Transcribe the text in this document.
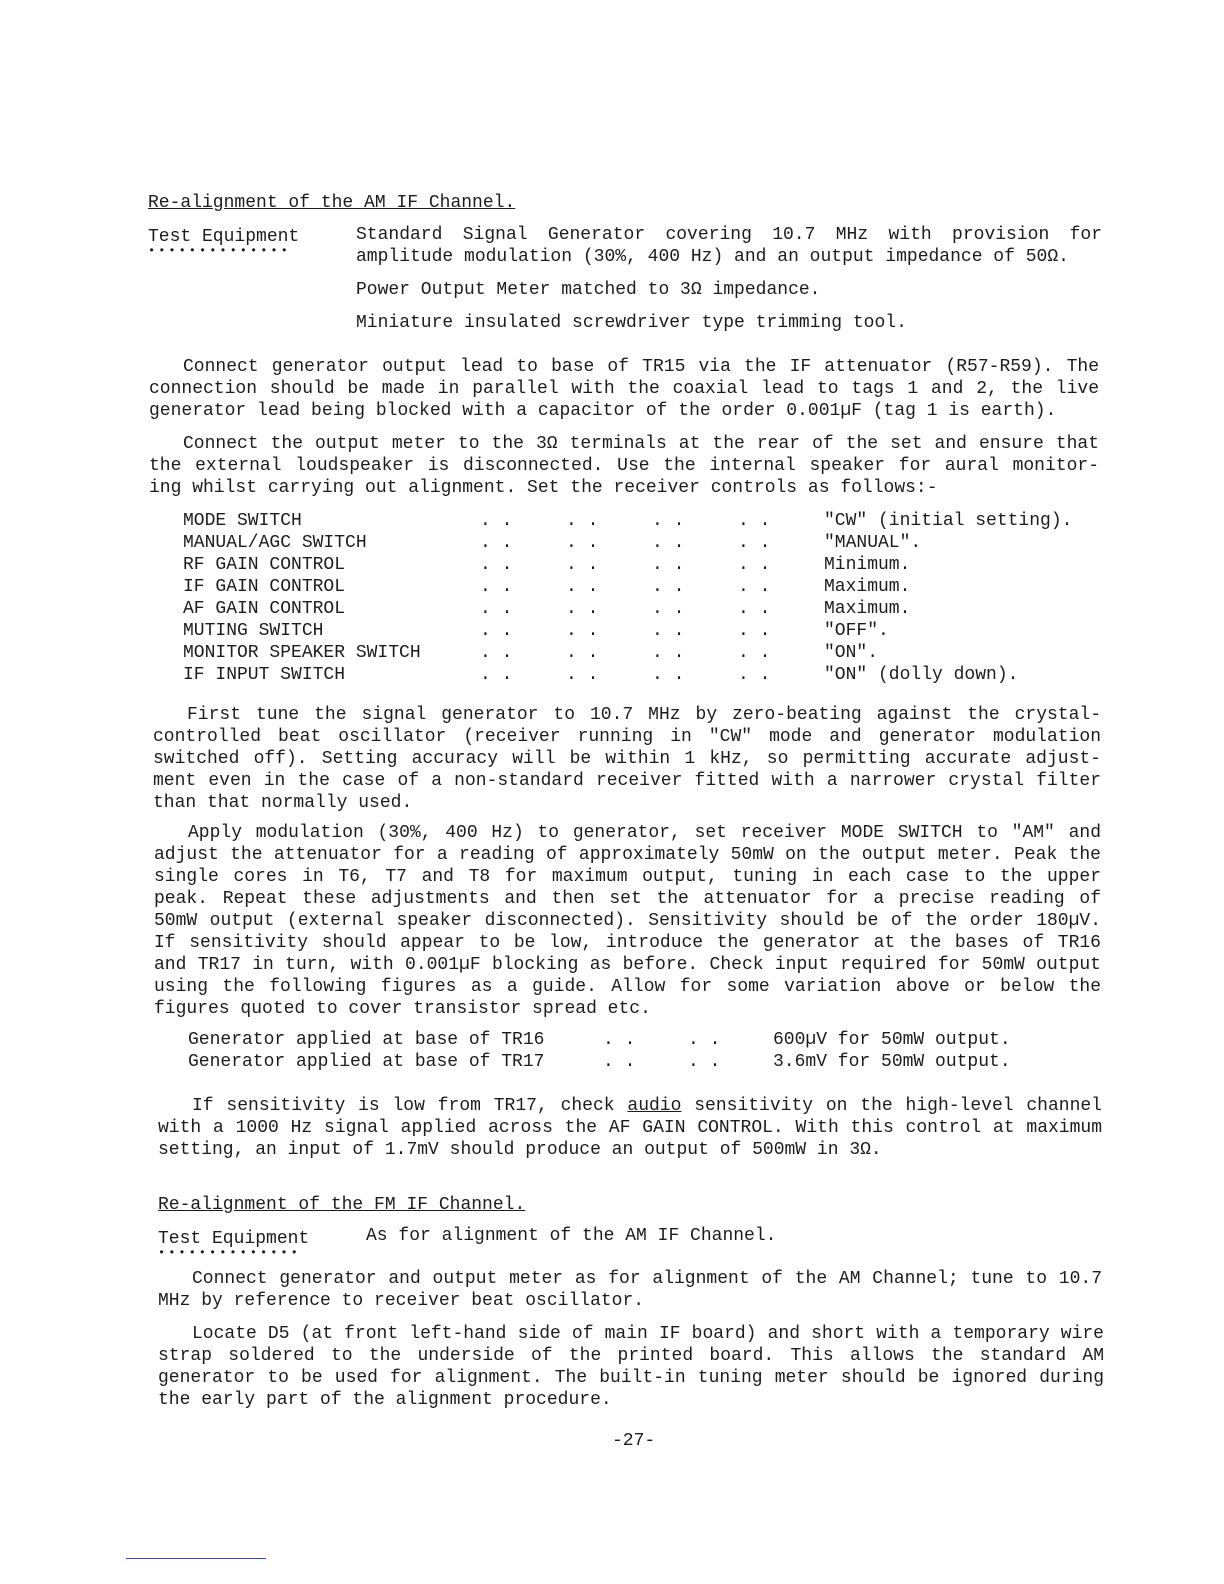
Re-alignment of the AM IF Channel.
Test Equipment
••••••••••••••

Standard Signal Generator covering 10.7 MHz with provision for amplitude modulation (30%, 400 Hz) and an output impedance of 50Ω.

Power Output Meter matched to 3Ω impedance.

Miniature insulated screwdriver type trimming tool.

Connect generator output lead to base of TR15 via the IF attenuator (R57-R59). The connection should be made in parallel with the coaxial lead to tags 1 and 2, the live generator lead being blocked with a capacitor of the order 0.001µF (tag 1 is earth).

Connect the output meter to the 3Ω terminals at the rear of the set and ensure that the external loudspeaker is disconnected. Use the internal speaker for aural monitor-ing whilst carrying out alignment. Set the receiver controls as follows:-

MODE SWITCH	. .	. .	. .	. .	"CW" (initial setting).
MANUAL/AGC SWITCH	. .	. .	. .	. .	"MANUAL".
RF GAIN CONTROL	. .	. .	. .	. .	Minimum.
IF GAIN CONTROL	. .	. .	. .	. .	Maximum.
AF GAIN CONTROL	. .	. .	. .	. .	Maximum.
MUTING SWITCH	. .	. .	. .	. .	"OFF".
MONITOR SPEAKER SWITCH	. .	. .	. .	. .	"ON".
IF INPUT SWITCH	. .	. .	. .	. .	"ON" (dolly down).

First tune the signal generator to 10.7 MHz by zero-beating against the crystal-controlled beat oscillator (receiver running in "CW" mode and generator modulation switched off). Setting accuracy will be within 1 kHz, so permitting accurate adjust-ment even in the case of a non-standard receiver fitted with a narrower crystal filter than that normally used.

Apply modulation (30%, 400 Hz) to generator, set receiver MODE SWITCH to "AM" and adjust the attenuator for a reading of approximately 50mW on the output meter. Peak the single cores in T6, T7 and T8 for maximum output, tuning in each case to the upper peak. Repeat these adjustments and then set the attenuator for a precise reading of 50mW output (external speaker disconnected). Sensitivity should be of the order 180µV. If sensitivity should appear to be low, introduce the generator at the bases of TR16 and TR17 in turn, with 0.001µF blocking as before. Check input required for 50mW output using the following figures as a guide. Allow for some variation above or below the figures quoted to cover transistor spread etc.

Generator applied at base of TR16	. .	. .	600µV for 50mW output.
Generator applied at base of TR17	. .	. .	3.6mV for 50mW output.

If sensitivity is low from TR17, check audio sensitivity on the high-level channel with a 1000 Hz signal applied across the AF GAIN CONTROL. With this control at maximum setting, an input of 1.7mV should produce an output of 500mW in 3Ω.

Re-alignment of the FM IF Channel.
Test Equipment
••••••••••••••
As for alignment of the AM IF Channel.

Connect generator and output meter as for alignment of the AM Channel; tune to 10.7 MHz by reference to receiver beat oscillator.

Locate D5 (at front left-hand side of main IF board) and short with a temporary wire strap soldered to the underside of the printed board. This allows the standard AM generator to be used for alignment. The built-in tuning meter should be ignored during the early part of the alignment procedure.

-27-
